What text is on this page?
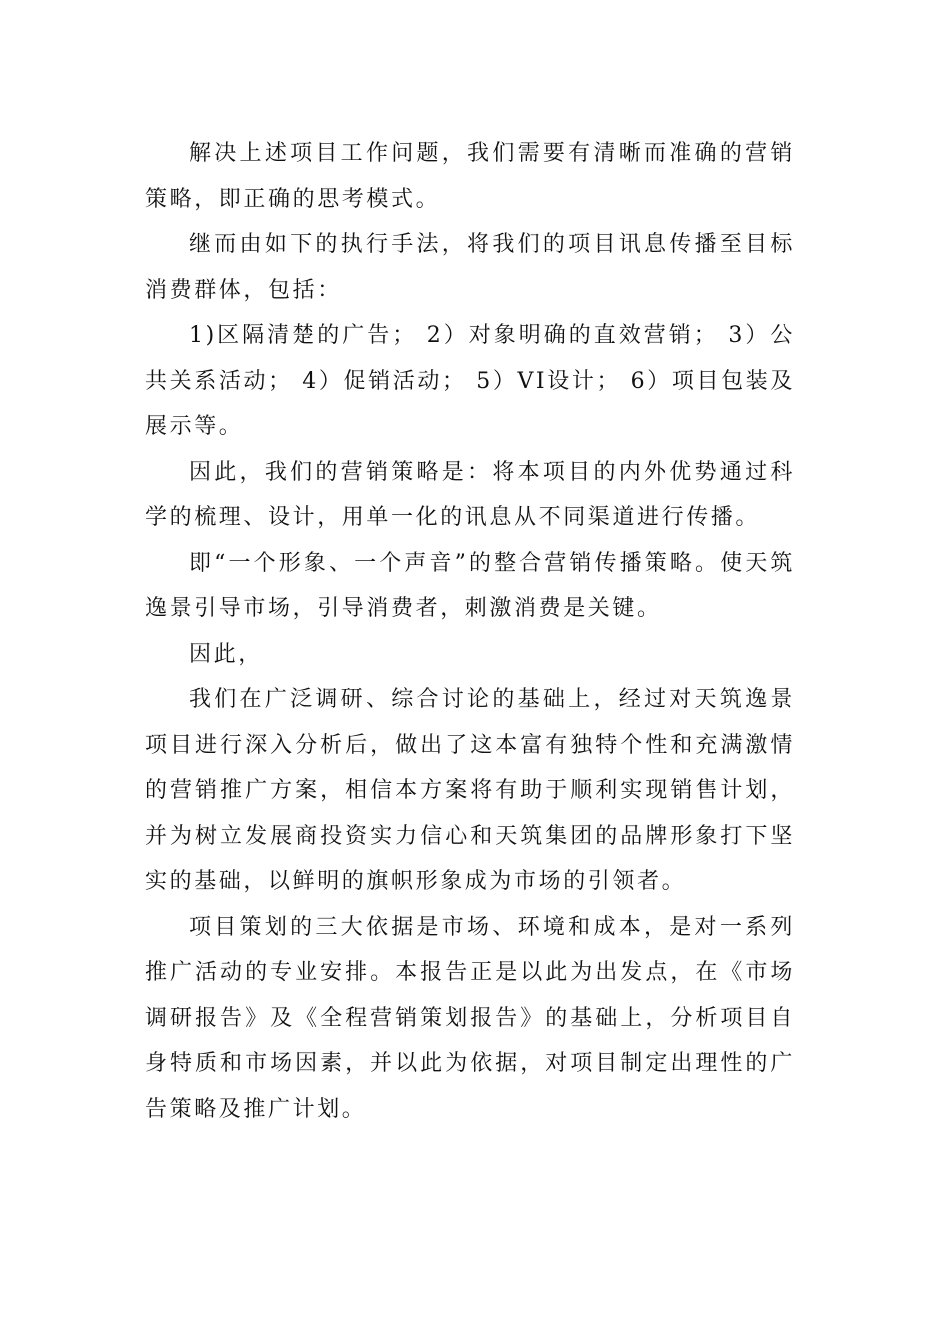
解决上述项目工作问题，我们需要有清晰而准确的营销策略，即正确的思考模式。

继而由如下的执行手法，将我们的项目讯息传播至目标消费群体，包括：

1)区隔清楚的广告； 2）对象明确的直效营销； 3）公共关系活动； 4）促销活动； 5）VI设计； 6）项目包装及展示等。

因此，我们的营销策略是：将本项目的内外优势通过科学的梳理、设计，用单一化的讯息从不同渠道进行传播。

即“一个形象、一个声音”的整合营销传播策略。使天筑逸景引导市场，引导消费者，刺激消费是关键。

因此，

我们在广泛调研、综合讨论的基础上，经过对天筑逸景项目进行深入分析后，做出了这本富有独特个性和充满激情的营销推广方案，相信本方案将有助于顺利实现销售计划，并为树立发展商投资实力信心和天筑集团的品牌形象打下坚实的基础，以鲜明的旗帜形象成为市场的引领者。

项目策划的三大依据是市场、环境和成本，是对一系列推广活动的专业安排。本报告正是以此为出发点，在《市场调研报告》及《全程营销策划报告》的基础上，分析项目自身特质和市场因素，并以此为依据，对项目制定出理性的广告策略及推广计划。
